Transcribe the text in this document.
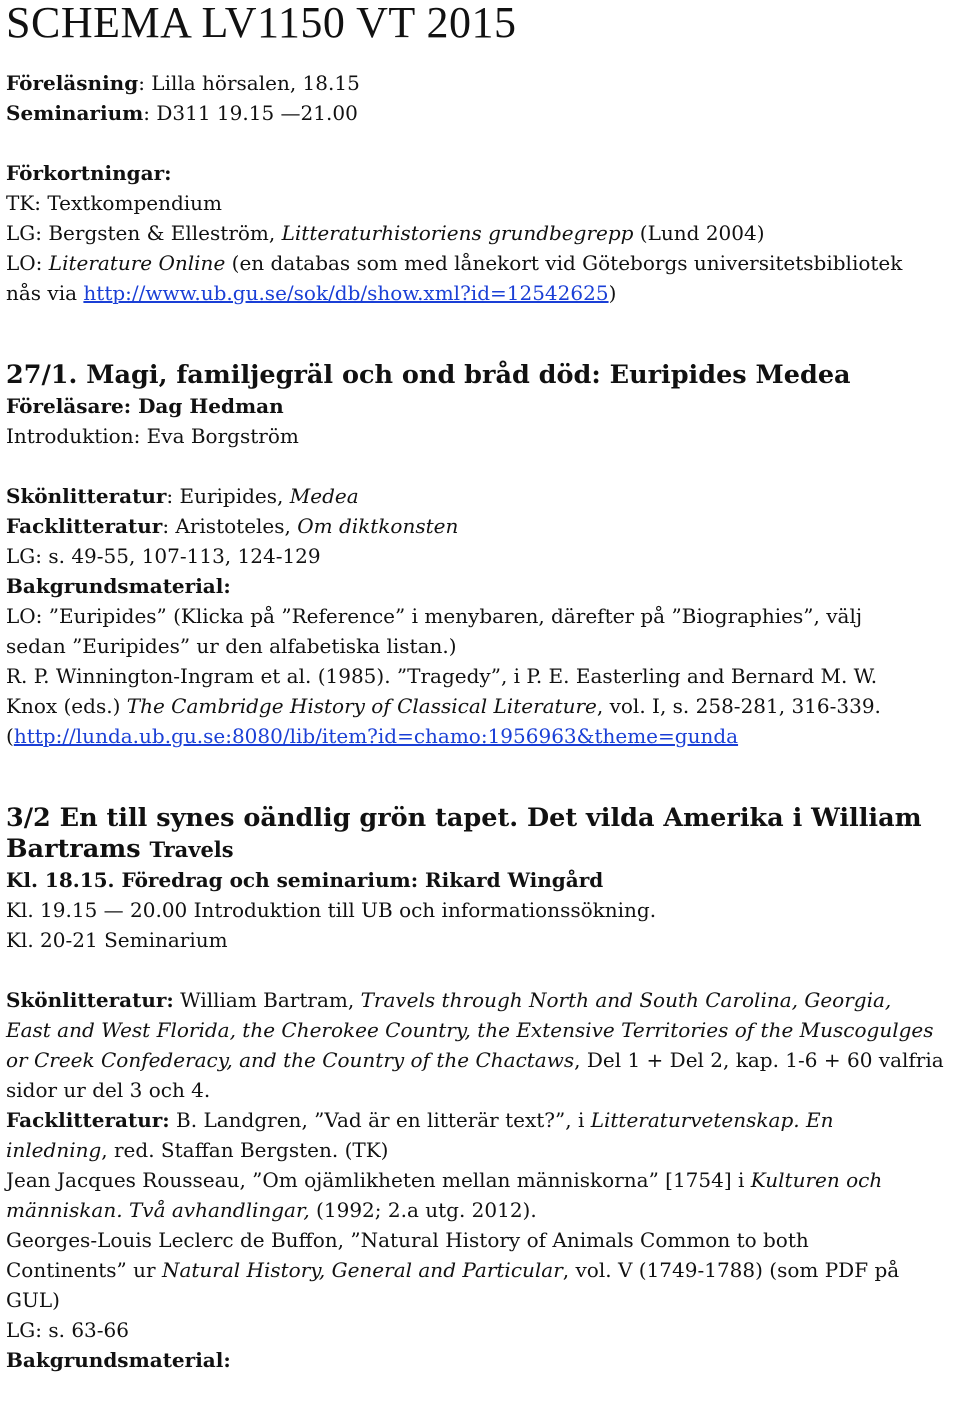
SCHEMA LV1150 VT 2015
Föreläsning: Lilla hörsalen, 18.15
Seminarium: D311 19.15 —21.00
Förkortningar:
TK: Textkompendium
LG: Bergsten & Elleström, Litteraturhistoriens grundbegrepp (Lund 2004)
LO: Literature Online (en databas som med lånekort vid Göteborgs universitetsbibliotek
nås via http://www.ub.gu.se/sok/db/show.xml?id=12542625)
27/1. Magi, familjegräl och ond bråd död: Euripides Medea
Föreläsare: Dag Hedman
Introduktion: Eva Borgström
Skönlitteratur: Euripides, Medea
Facklitteratur: Aristoteles, Om diktkonsten
LG: s. 49-55, 107-113, 124-129
Bakgrundsmaterial:
LO: ”Euripides” (Klicka på ”Reference” i menybaren, därefter på ”Biographies”, välj
sedan ”Euripides” ur den alfabetiska listan.)
R. P. Winnington-Ingram et al. (1985). ”Tragedy”, i P. E. Easterling and Bernard M. W.
Knox (eds.) The Cambridge History of Classical Literature, vol. I, s. 258-281, 316-339.
(http://lunda.ub.gu.se:8080/lib/item?id=chamo:1956963&theme=gunda
3/2 En till synes oändlig grön tapet. Det vilda Amerika i William
Bartrams Travels
Kl. 18.15. Föredrag och seminarium: Rikard Wingård
Kl. 19.15 — 20.00 Introduktion till UB och informationssökning.
Kl. 20-21 Seminarium
Skönlitteratur: William Bartram, Travels through North and South Carolina, Georgia,
East and West Florida, the Cherokee Country, the Extensive Territories of the Muscogulges
or Creek Confederacy, and the Country of the Chactaws, Del 1 + Del 2, kap. 1-6 + 60 valfria
sidor ur del 3 och 4.
Facklitteratur: B. Landgren, ”Vad är en litterär text?”, i Litteraturvetenskap. En
inledning, red. Staffan Bergsten. (TK)
Jean Jacques Rousseau, ”Om ojämlikheten mellan människorna” [1754] i Kulturen och
människan. Två avhandlingar, (1992; 2.a utg. 2012).
Georges-Louis Leclerc de Buffon, ”Natural History of Animals Common to both
Continents” ur Natural History, General and Particular, vol. V (1749-1788) (som PDF på
GUL)
LG: s. 63-66
Bakgrundsmaterial:
